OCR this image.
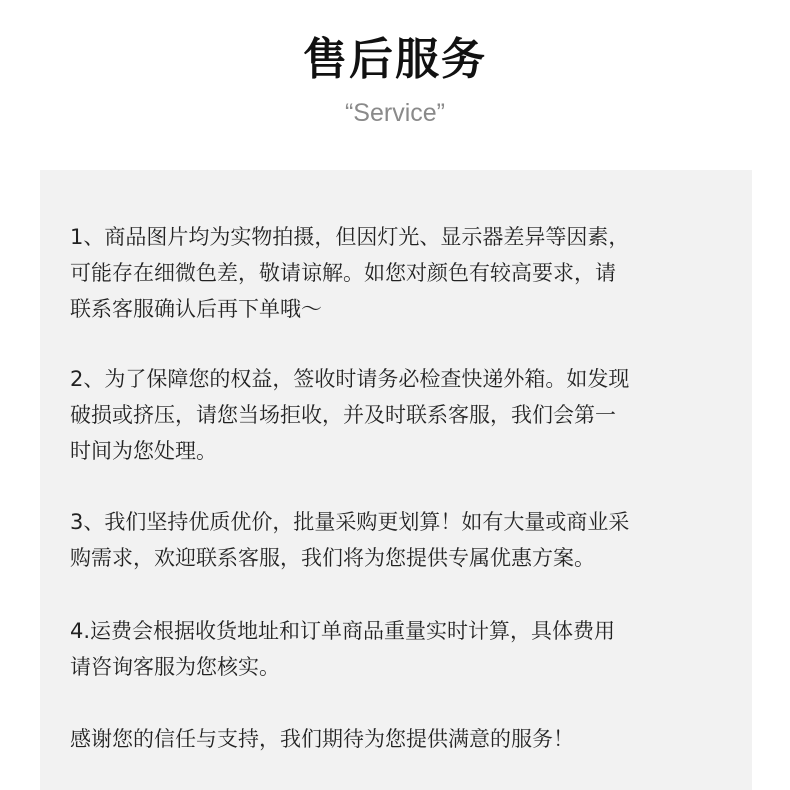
售后服务
“Service”

1、商品图片均为实物拍摄，但因灯光、显示器差异等因素，
可能存在细微色差，敬请谅解。如您对颜色有较高要求，请
联系客服确认后再下单哦～

2、为了保障您的权益，签收时请务必检查快递外箱。如发现
破损或挤压，请您当场拒收，并及时联系客服，我们会第一
时间为您处理。

3、我们坚持优质优价，批量采购更划算！如有大量或商业采
购需求，欢迎联系客服，我们将为您提供专属优惠方案。

4.运费会根据收货地址和订单商品重量实时计算，具体费用
请咨询客服为您核实。

感谢您的信任与支持，我们期待为您提供满意的服务！
